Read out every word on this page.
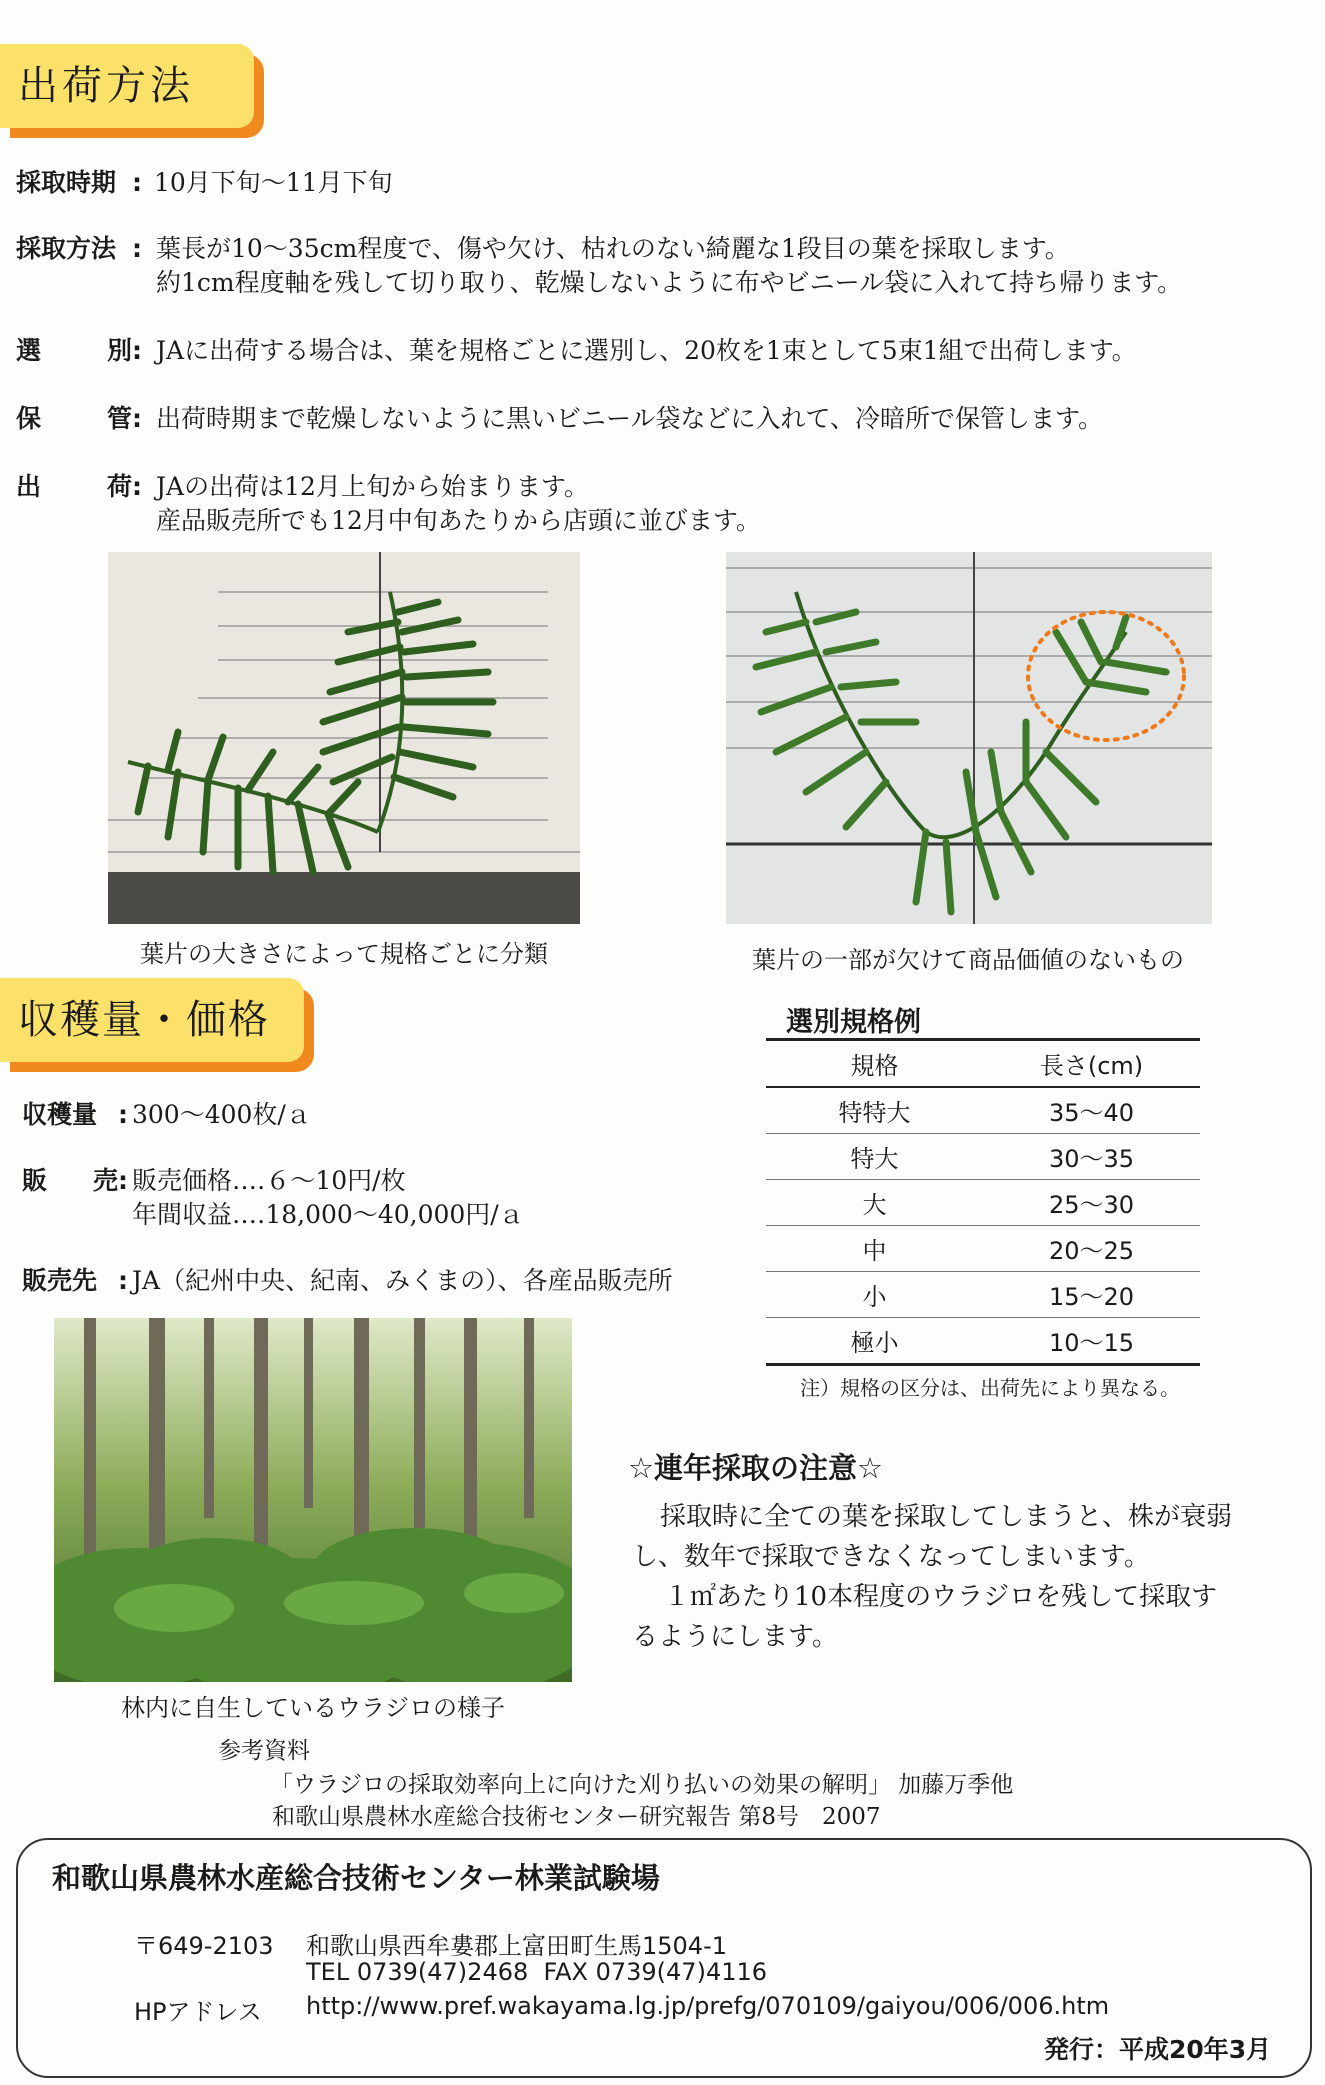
出荷方法
採取時期 : 10月下旬～11月下旬
採取方法 : 葉長が10～35cm程度で、傷や欠け、枯れのない綺麗な1段目の葉を採取します。
約1cm程度軸を残して切り取り、乾燥しないように布やビニール袋に入れて持ち帰ります。
選	別 : JAに出荷する場合は、葉を規格ごとに選別し、20枚を1束として5束1組で出荷します。
保	管 : 出荷時期まで乾燥しないように黒いビニール袋などに入れて、冷暗所で保管します。
出	荷 : JAの出荷は12月上旬から始まります。
産品販売所でも12月中旬あたりから店頭に並びます。
葉片の大きさによって規格ごとに分類	葉片の一部が欠けて商品価値のないもの
収穫量・価格
収穫量 : 300～400枚/ａ
販 売 : 販売価格‥‥６～10円/枚
年間収益‥‥18,000～40,000円/ａ
販売先 : JA（紀州中央、紀南、みくまの）、各産品販売所
林内に自生しているウラジロの様子
選別規格例
規格	長さ(cm)
特特大	35～40
特大	30～35
大	25～30
中	20～25
小	15～20
極小	10～15
注）規格の区分は、出荷先により異なる。
☆連年採取の注意☆
採取時に全ての葉を採取してしまうと、株が衰弱
し、数年で採取できなくなってしまいます。
１㎡あたり10本程度のウラジロを残して採取す
るようにします。
参考資料
「ウラジロの採取効率向上に向けた刈り払いの効果の解明」 加藤万季他
和歌山県農林水産総合技術センター研究報告 第8号　2007
和歌山県農林水産総合技術センター林業試験場
〒649-2103 和歌山県西牟婁郡上富田町生馬1504-1
TEL 0739(47)2468  FAX 0739(47)4116
HPアドレス http://www.pref.wakayama.lg.jp/prefg/070109/gaiyou/006/006.htm
発行：平成20年3月
